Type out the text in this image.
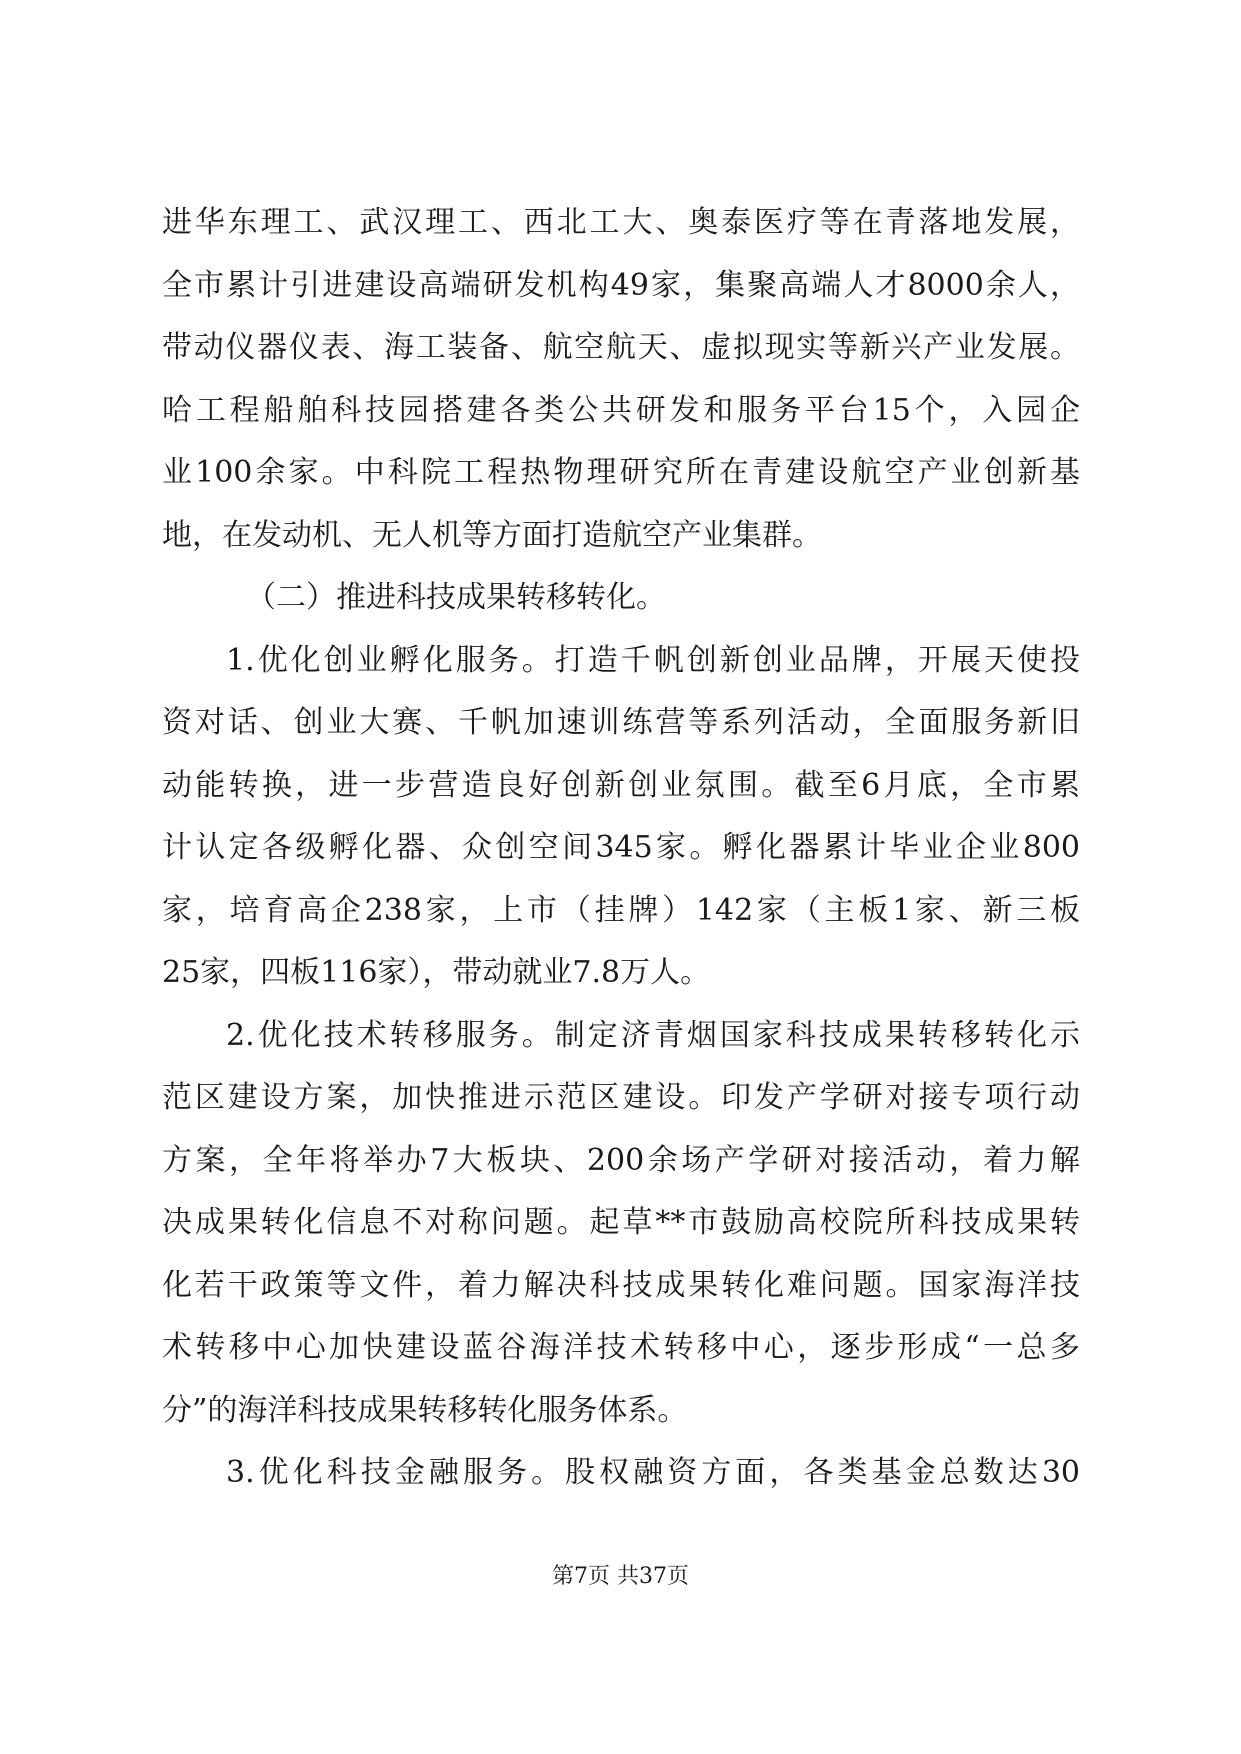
进华东理工、武汉理工、西北工大、奥泰医疗等在青落地发展，
全市累计引进建设高端研发机构49家，集聚高端人才8000余人，
带动仪器仪表、海工装备、航空航天、虚拟现实等新兴产业发展。
哈工程船舶科技园搭建各类公共研发和服务平台15个，入园企
业100余家。中科院工程热物理研究所在青建设航空产业创新基
地，在发动机、无人机等方面打造航空产业集群。
（二）推进科技成果转移转化。
1.优化创业孵化服务。打造千帆创新创业品牌，开展天使投
资对话、创业大赛、千帆加速训练营等系列活动，全面服务新旧
动能转换，进一步营造良好创新创业氛围。截至6月底，全市累
计认定各级孵化器、众创空间345家。孵化器累计毕业企业800
家，培育高企238家，上市（挂牌）142家（主板1家、新三板
25家，四板116家），带动就业7.8万人。
2.优化技术转移服务。制定济青烟国家科技成果转移转化示
范区建设方案，加快推进示范区建设。印发产学研对接专项行动
方案，全年将举办7大板块、200余场产学研对接活动，着力解
决成果转化信息不对称问题。起草**市鼓励高校院所科技成果转
化若干政策等文件，着力解决科技成果转化难问题。国家海洋技
术转移中心加快建设蓝谷海洋技术转移中心，逐步形成“一总多
分”的海洋科技成果转移转化服务体系。
3.优化科技金融服务。股权融资方面，各类基金总数达30
第7页 共37页
